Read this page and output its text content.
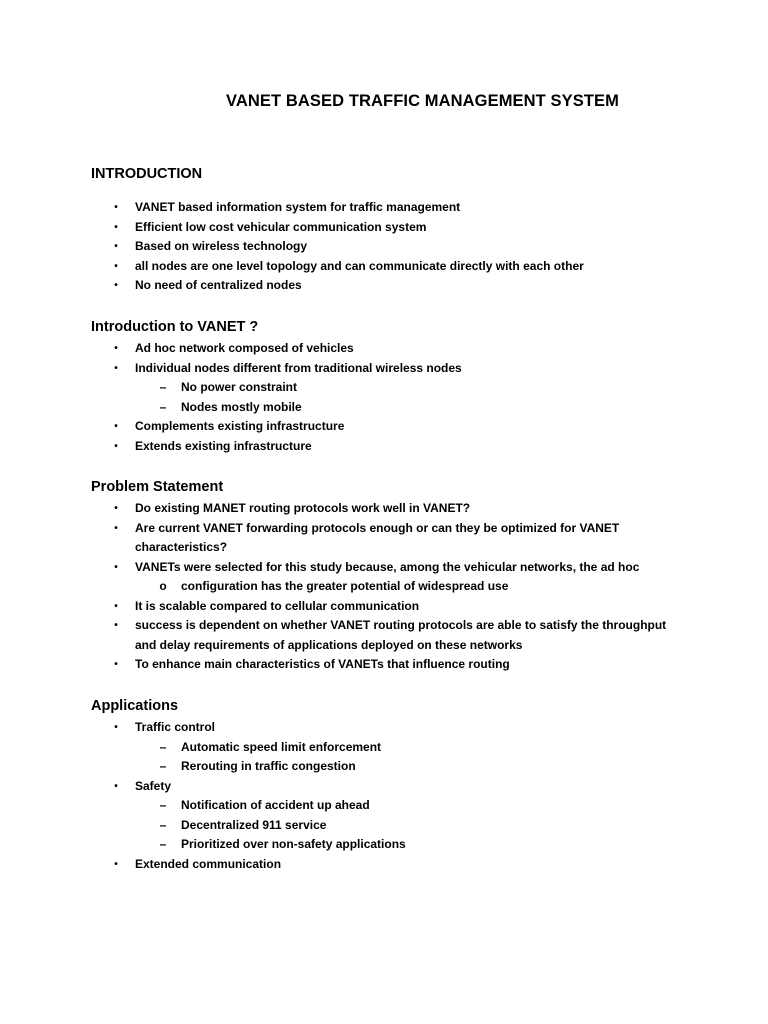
VANET BASED TRAFFIC MANAGEMENT SYSTEM
INTRODUCTION
•	VANET based information system for traffic management
•	Efficient low cost vehicular communication system
•	Based on wireless technology
•	all nodes are one level topology and can communicate directly with each other
•	No need of centralized nodes
Introduction to VANET ?
•	Ad hoc network composed of vehicles
•	Individual nodes different from traditional wireless nodes
–	No power constraint
–	Nodes mostly mobile
•	Complements existing infrastructure
•	Extends existing infrastructure
Problem Statement
•	Do existing MANET routing protocols work well in VANET?
•	Are current VANET forwarding protocols enough or can they be optimized for VANET
characteristics?
•	VANETs were selected for this study because, among the vehicular networks, the ad hoc
o configuration has the greater potential of widespread use
•	It is scalable compared to cellular communication
•	success is dependent on whether VANET routing protocols are able to satisfy the throughput
and delay requirements of applications deployed on these networks
•	To enhance main characteristics of VANETs that influence routing
Applications
•	Traffic control
–	Automatic speed limit enforcement
–	Rerouting in traffic congestion
•	Safety
–	Notification of accident up ahead
–	Decentralized 911 service
–	Prioritized over non-safety applications
•	Extended communication
